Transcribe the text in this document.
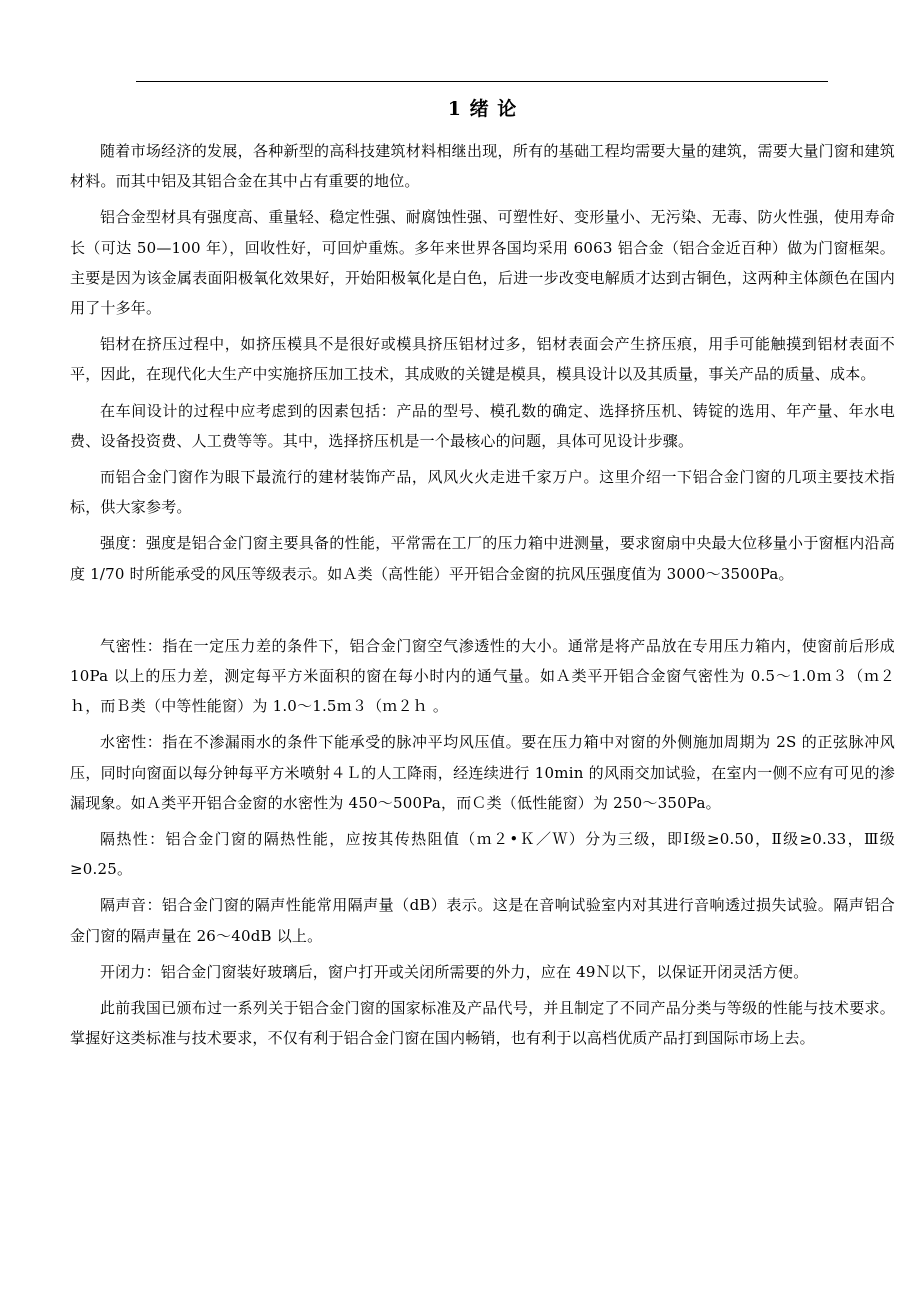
1 绪 论

随着市场经济的发展，各种新型的高科技建筑材料相继出现，所有的基础工程均需要大量的建筑，需要大量门窗和建筑材料。而其中铝及其铝合金在其中占有重要的地位。

铝合金型材具有强度高、重量轻、稳定性强、耐腐蚀性强、可塑性好、变形量小、无污染、无毒、防火性强，使用寿命长（可达 50—100 年），回收性好，可回炉重炼。多年来世界各国均采用 6063 铝合金（铝合金近百种）做为门窗框架。主要是因为该金属表面阳极氧化效果好，开始阳极氧化是白色，后进一步改变电解质才达到古铜色，这两种主体颜色在国内用了十多年。

铝材在挤压过程中，如挤压模具不是很好或模具挤压铝材过多，铝材表面会产生挤压痕，用手可能触摸到铝材表面不平，因此，在现代化大生产中实施挤压加工技术，其成败的关键是模具，模具设计以及其质量，事关产品的质量、成本。

在车间设计的过程中应考虑到的因素包括：产品的型号、模孔数的确定、选择挤压机、铸锭的选用、年产量、年水电费、设备投资费、人工费等等。其中，选择挤压机是一个最核心的问题，具体可见设计步骤。

而铝合金门窗作为眼下最流行的建材装饰产品，风风火火走进千家万户。这里介绍一下铝合金门窗的几项主要技术指标，供大家参考。

强度：强度是铝合金门窗主要具备的性能，平常需在工厂的压力箱中进测量，要求窗扇中央最大位移量小于窗框内沿高度 1/70 时所能承受的风压等级表示。如Ａ类（高性能）平开铝合金窗的抗风压强度值为 3000～3500Pa。

气密性：指在一定压力差的条件下，铝合金门窗空气渗透性的大小。通常是将产品放在专用压力箱内，使窗前后形成 10Pa 以上的压力差，测定每平方米面积的窗在每小时内的通气量。如Ａ类平开铝合金窗气密性为 0.5～1.0ｍ３（ｍ２ｈ，而Ｂ类（中等性能窗）为 1.0～1.5ｍ３（ｍ２ｈ 。

水密性：指在不渗漏雨水的条件下能承受的脉冲平均风压值。要在压力箱中对窗的外侧施加周期为 2S 的正弦脉冲风压，同时向窗面以每分钟每平方米喷射４Ｌ的人工降雨，经连续进行 10min 的风雨交加试验，在室内一侧不应有可见的渗漏现象。如Ａ类平开铝合金窗的水密性为 450～500Pa，而Ｃ类（低性能窗）为 250～350Pa。

隔热性：铝合金门窗的隔热性能，应按其传热阻值（ｍ２•Ｋ／Ｗ）分为三级，即Ⅰ级≥0.50，Ⅱ级≥0.33，Ⅲ级≥0.25。

隔声音：铝合金门窗的隔声性能常用隔声量（dB）表示。这是在音响试验室内对其进行音响透过损失试验。隔声铝合金门窗的隔声量在 26～40dB 以上。

开闭力：铝合金门窗装好玻璃后，窗户打开或关闭所需要的外力，应在 49Ｎ以下，以保证开闭灵活方便。

此前我国已颁布过一系列关于铝合金门窗的国家标准及产品代号，并且制定了不同产品分类与等级的性能与技术要求。掌握好这类标准与技术要求，不仅有利于铝合金门窗在国内畅销，也有利于以高档优质产品打到国际市场上去。
